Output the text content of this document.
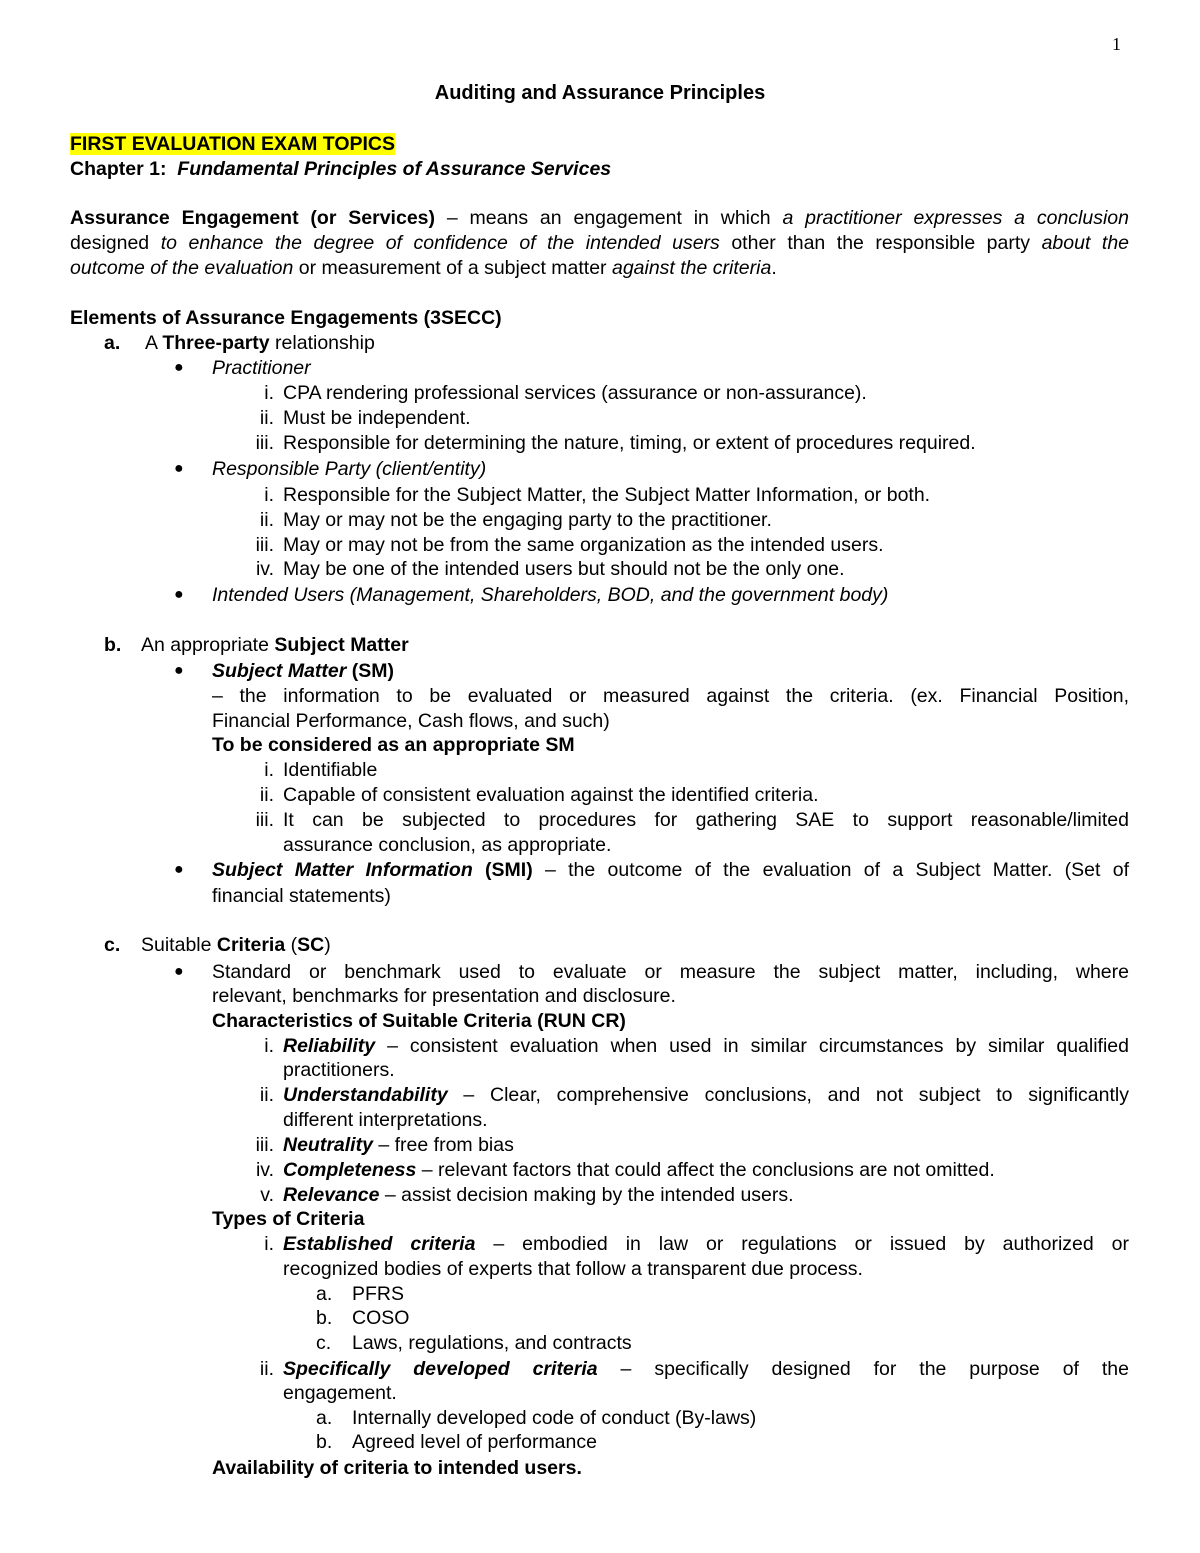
1
Auditing and Assurance Principles
FIRST EVALUATION EXAM TOPICS
Chapter 1: Fundamental Principles of Assurance Services
Assurance Engagement (or Services) – means an engagement in which a practitioner expresses a conclusion
designed to enhance the degree of confidence of the intended users other than the responsible party about the
outcome of the evaluation or measurement of a subject matter against the criteria.
Elements of Assurance Engagements (3SECC)
a. A Three-party relationship
● Practitioner
i. CPA rendering professional services (assurance or non-assurance).
ii. Must be independent.
iii. Responsible for determining the nature, timing, or extent of procedures required.
● Responsible Party (client/entity)
i. Responsible for the Subject Matter, the Subject Matter Information, or both.
ii. May or may not be the engaging party to the practitioner.
iii. May or may not be from the same organization as the intended users.
iv. May be one of the intended users but should not be the only one.
● Intended Users (Management, Shareholders, BOD, and the government body)
b. An appropriate Subject Matter
● Subject Matter (SM)
– the information to be evaluated or measured against the criteria. (ex. Financial Position,
Financial Performance, Cash flows, and such)
To be considered as an appropriate SM
i. Identifiable
ii. Capable of consistent evaluation against the identified criteria.
iii. It can be subjected to procedures for gathering SAE to support reasonable/limited
assurance conclusion, as appropriate.
● Subject Matter Information (SMI) – the outcome of the evaluation of a Subject Matter. (Set of
financial statements)
c. Suitable Criteria (SC)
● Standard or benchmark used to evaluate or measure the subject matter, including, where
relevant, benchmarks for presentation and disclosure.
Characteristics of Suitable Criteria (RUN CR)
i. Reliability – consistent evaluation when used in similar circumstances by similar qualified
practitioners.
ii. Understandability – Clear, comprehensive conclusions, and not subject to significantly
different interpretations.
iii. Neutrality – free from bias
iv. Completeness – relevant factors that could affect the conclusions are not omitted.
v. Relevance – assist decision making by the intended users.
Types of Criteria
i. Established criteria – embodied in law or regulations or issued by authorized or
recognized bodies of experts that follow a transparent due process.
a. PFRS
b. COSO
c. Laws, regulations, and contracts
ii. Specifically developed criteria – specifically designed for the purpose of the
engagement.
a. Internally developed code of conduct (By-laws)
b. Agreed level of performance
Availability of criteria to intended users.
